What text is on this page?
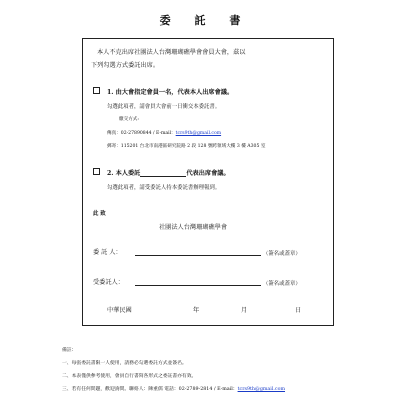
委 託 書
本人不克出席社團法人台灣珊瑚礁學會會員大會，茲以
下列勾選方式委託出席。
1. 由大會指定會員一名，代表本人出席會議。
勾選此項者，請會員大會前一日衝交本委託書。
繳交方式:
傳真：02-27890844 / E-mail：tcrs9th@gmail.com
郵寄：115201 台北市南港區研究院路 2 段 128 號跨領域大樓 3 樓 A305 室
2. 本人委託	代表出席會議。
勾選此項者，請受委託人持本委託書辦理報到。
此 致
社團法人台灣珊瑚礁學會
委 託 人：	（簽名或蓋章）
受委託人：	（簽名或蓋章）
中華民國	年	月	日
備註：
一、每張委託書限一人使用，請務必勾選委託方式並簽名。
二、本表僅供參考使用，會員自行書寫各形式之委託書亦有效。
三、若有任何問題，歡迎詢問。聯絡人：陳重儒 電話：02-2789-2814 / E-mail：tcrs9th@gmail.com
